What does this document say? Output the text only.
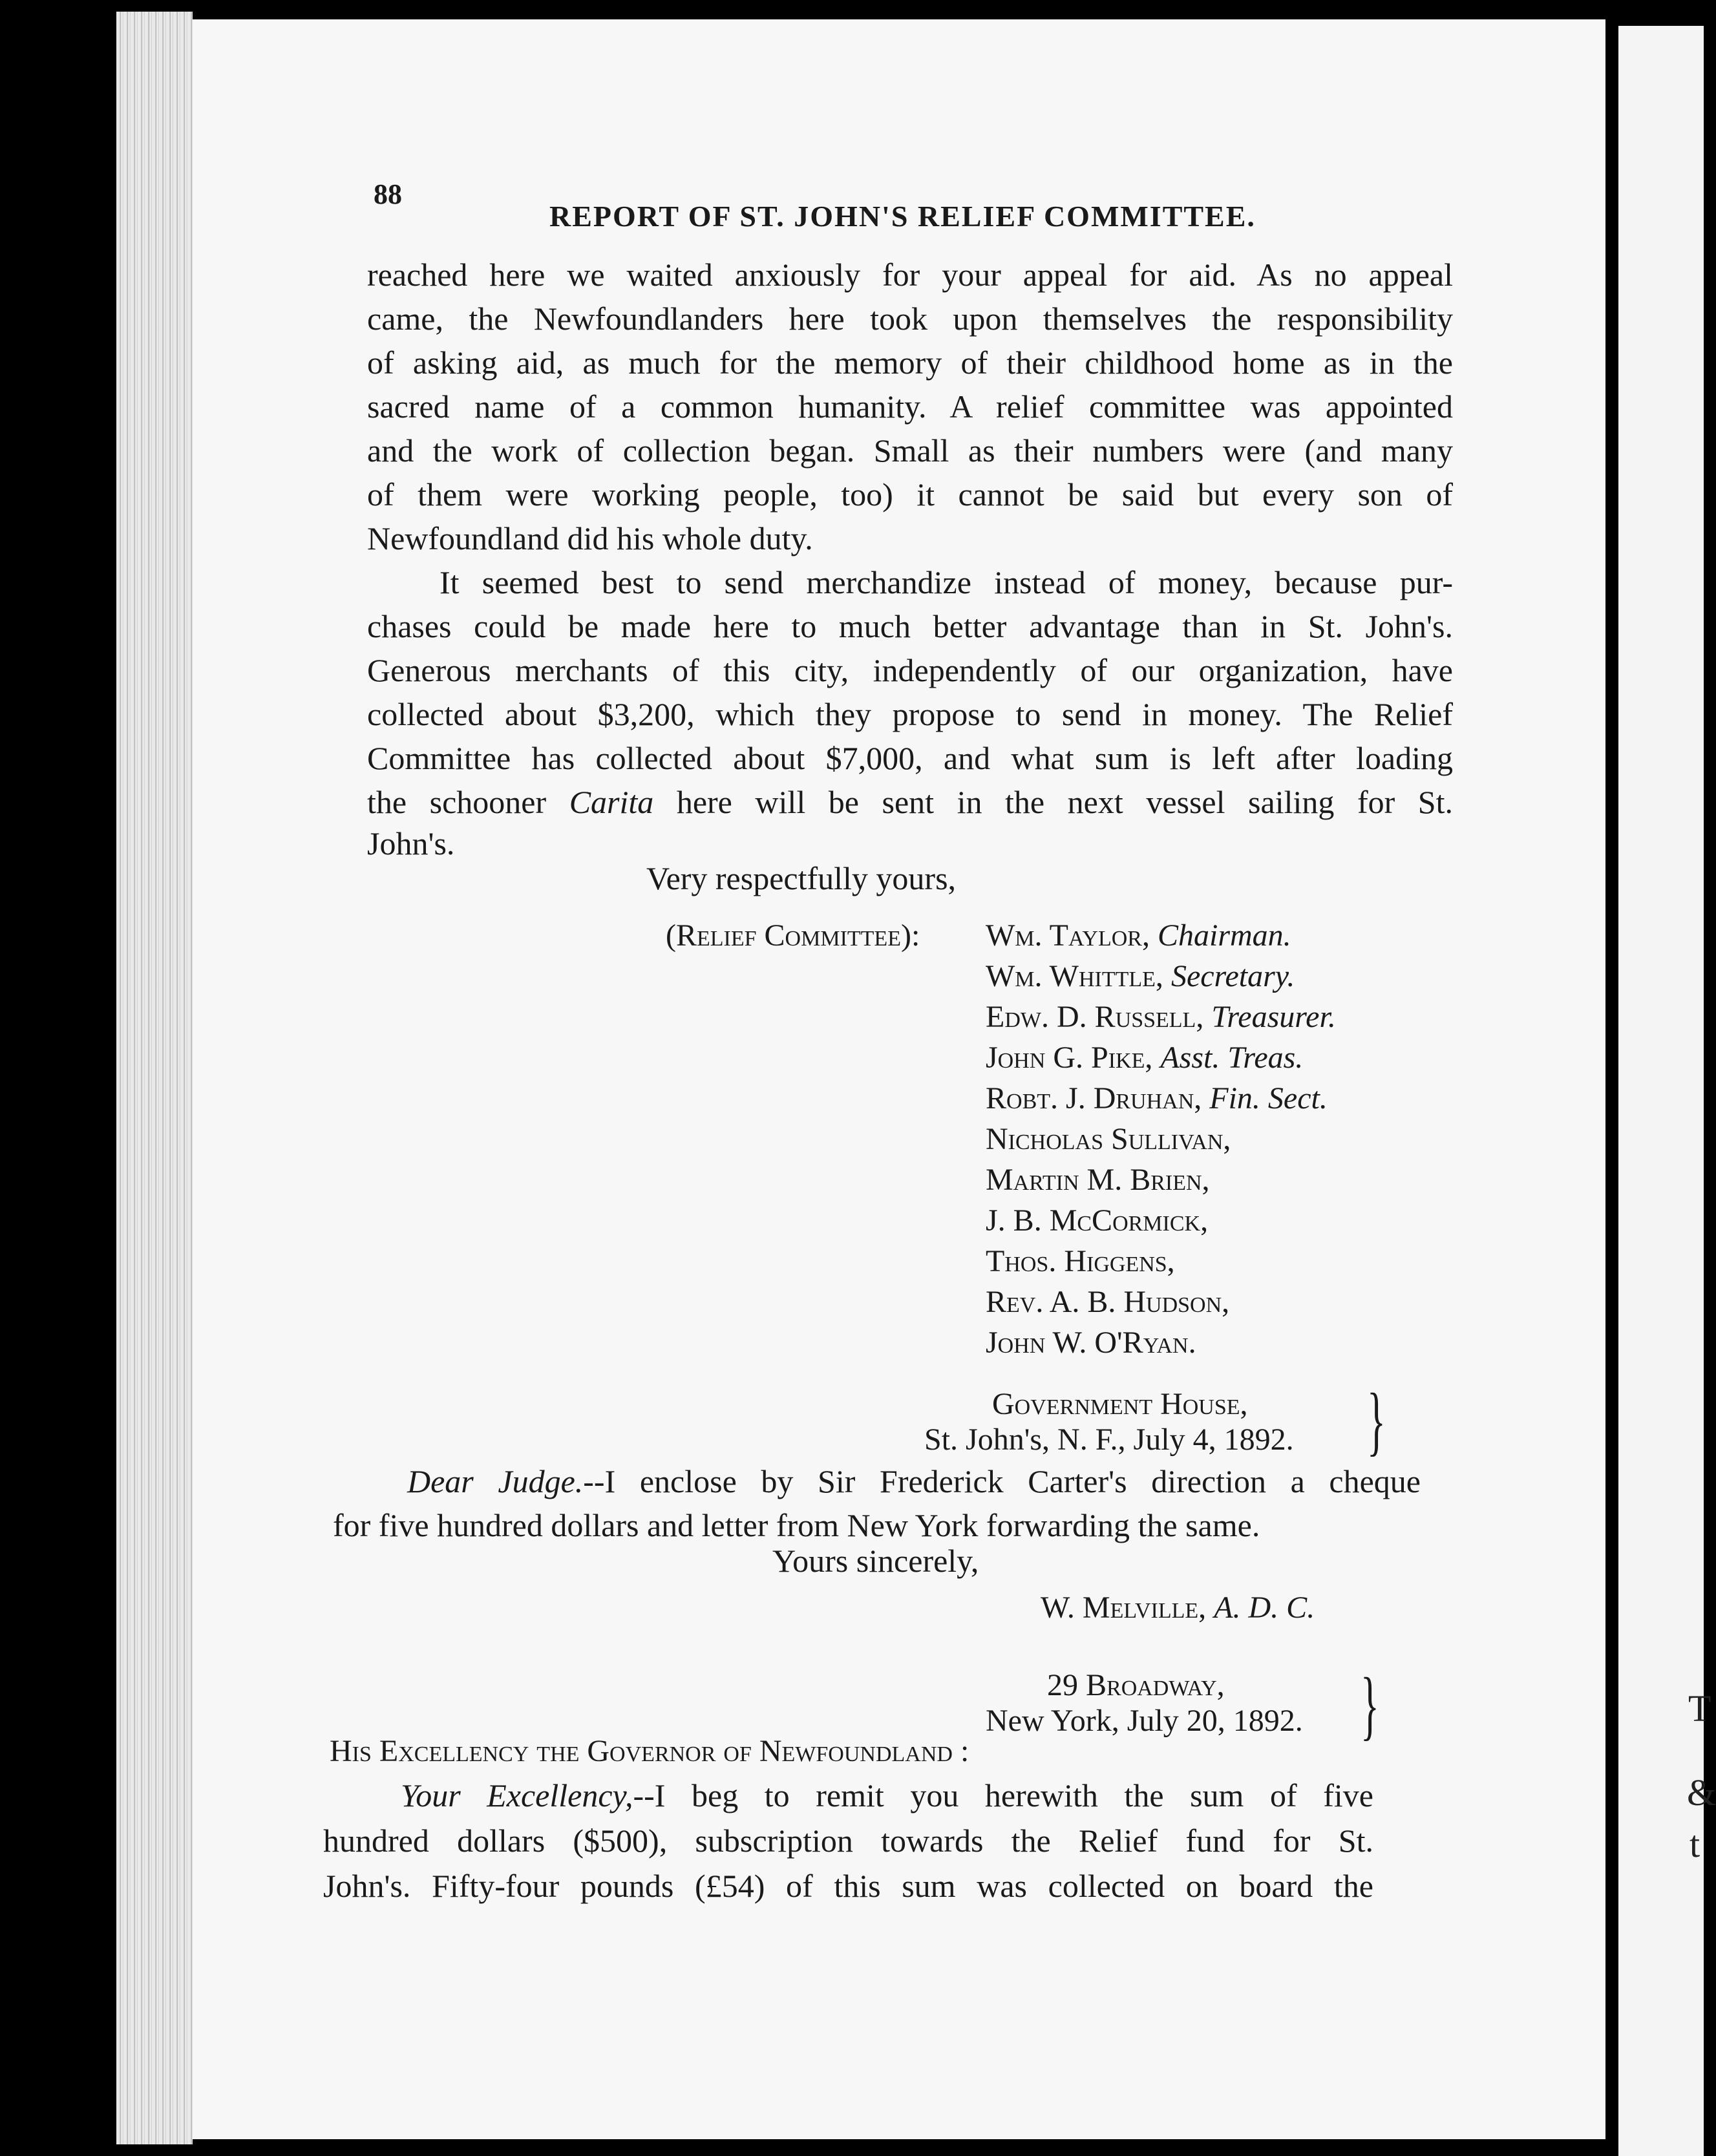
T
&
t
88
REPORT OF ST. JOHN'S RELIEF COMMITTEE.
reached here we waited anxiously for your appeal for aid. As no appeal
came, the Newfoundlanders here took upon themselves the responsibility
of asking aid, as much for the memory of their childhood home as in the
sacred name of a common humanity. A relief committee was appointed
and the work of collection began. Small as their numbers were (and many
of them were working people, too) it cannot be said but every son of
Newfoundland did his whole duty.
It seemed best to send merchandize instead of money, because pur-
chases could be made here to much better advantage than in St. John's.
Generous merchants of this city, independently of our organization, have
collected about $3,200, which they propose to send in money. The Relief
Committee has collected about $7,000, and what sum is left after loading
the schooner Carita here will be sent in the next vessel sailing for St.
John's.
Very respectfully yours,
(Relief Committee): Wm. Taylor, Chairman.
Wm. Whittle, Secretary.
Edw. D. Russell, Treasurer.
John G. Pike, Asst. Treas.
Robt. J. Druhan, Fin. Sect.
Nicholas Sullivan,
Martin M. Brien,
J. B. McCormick,
Thos. Higgens,
Rev. A. B. Hudson,
John W. O'Ryan.
Government House,
St. John's, N. F., July 4, 1892. }
Dear Judge.--I enclose by Sir Frederick Carter's direction a cheque
for five hundred dollars and letter from New York forwarding the same.
Yours sincerely,
W. Melville, A. D. C.
29 Broadway,
New York, July 20, 1892. }
His Excellency the Governor of Newfoundland :
Your Excellency,--I beg to remit you herewith the sum of five
hundred dollars ($500), subscription towards the Relief fund for St.
John's. Fifty-four pounds (£54) of this sum was collected on board the
